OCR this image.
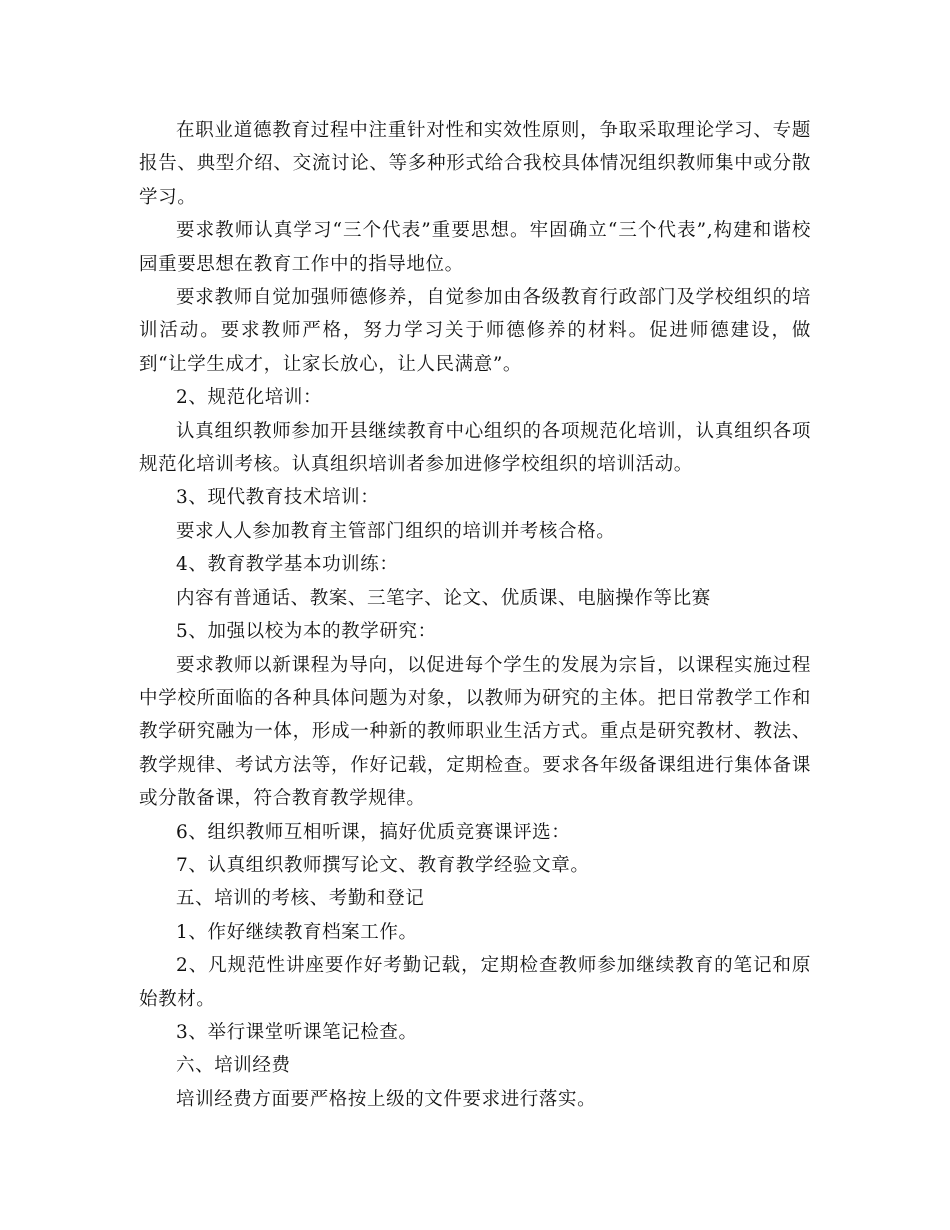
在职业道德教育过程中注重针对性和实效性原则，争取采取理论学习、专题报告、典型介绍、交流讨论、等多种形式给合我校具体情况组织教师集中或分散学习。

要求教师认真学习“三个代表”重要思想。牢固确立“三个代表”,构建和谐校园重要思想在教育工作中的指导地位。

要求教师自觉加强师德修养，自觉参加由各级教育行政部门及学校组织的培训活动。要求教师严格，努力学习关于师德修养的材料。促进师德建设，做到“让学生成才，让家长放心，让人民满意”。

2、规范化培训：

认真组织教师参加开县继续教育中心组织的各项规范化培训，认真组织各项规范化培训考核。认真组织培训者参加进修学校组织的培训活动。

3、现代教育技术培训：

要求人人参加教育主管部门组织的培训并考核合格。

4、教育教学基本功训练：

内容有普通话、教案、三笔字、论文、优质课、电脑操作等比赛

5、加强以校为本的教学研究：

要求教师以新课程为导向，以促进每个学生的发展为宗旨，以课程实施过程中学校所面临的各种具体问题为对象，以教师为研究的主体。把日常教学工作和教学研究融为一体，形成一种新的教师职业生活方式。重点是研究教材、教法、教学规律、考试方法等，作好记载，定期检查。要求各年级备课组进行集体备课或分散备课，符合教育教学规律。

6、组织教师互相听课，搞好优质竞赛课评选：

7、认真组织教师撰写论文、教育教学经验文章。

五、培训的考核、考勤和登记

1、作好继续教育档案工作。

2、凡规范性讲座要作好考勤记载，定期检查教师参加继续教育的笔记和原始教材。

3、举行课堂听课笔记检查。

六、培训经费

培训经费方面要严格按上级的文件要求进行落实。
